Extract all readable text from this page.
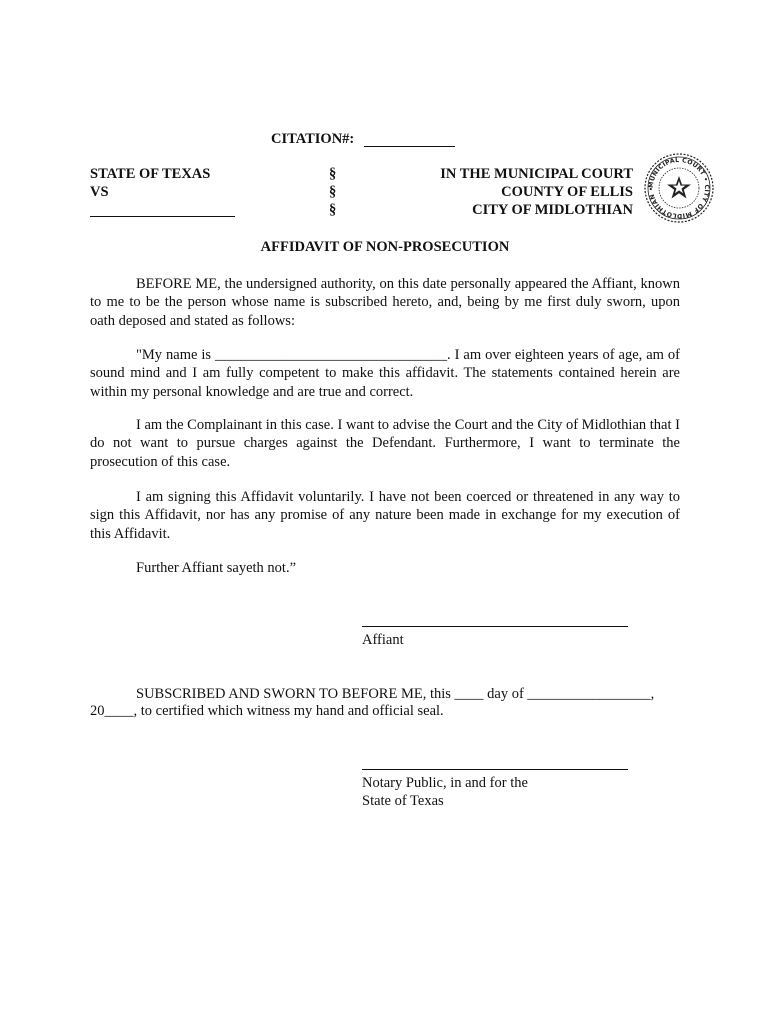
CITATION#:
STATE OF TEXAS
VS
§
§
§
IN THE MUNICIPAL COURT
COUNTY OF ELLIS
CITY OF MIDLOTHIAN
MUNICIPAL COURT • CITY OF MIDLOTHIAN •
AFFIDAVIT OF NON-PROSECUTION
BEFORE ME, the undersigned authority, on this date personally appeared the Affiant, known to me to be the person whose name is subscribed hereto, and, being by me first duly sworn, upon oath deposed and stated as follows:
"My name is ________________________________. I am over eighteen years of age, am of sound mind and I am fully competent to make this affidavit. The statements contained herein are within my personal knowledge and are true and correct.
I am the Complainant in this case. I want to advise the Court and the City of Midlothian that I do not want to pursue charges against the Defendant. Furthermore, I want to terminate the prosecution of this case.
I am signing this Affidavit voluntarily. I have not been coerced or threatened in any way to sign this Affidavit, nor has any promise of any nature been made in exchange for my execution of this Affidavit.
Further Affiant sayeth not.”
Affiant
SUBSCRIBED AND SWORN TO BEFORE ME, this ____ day of _________________,
20____, to certified which witness my hand and official seal.
Notary Public, in and for the
State of Texas
